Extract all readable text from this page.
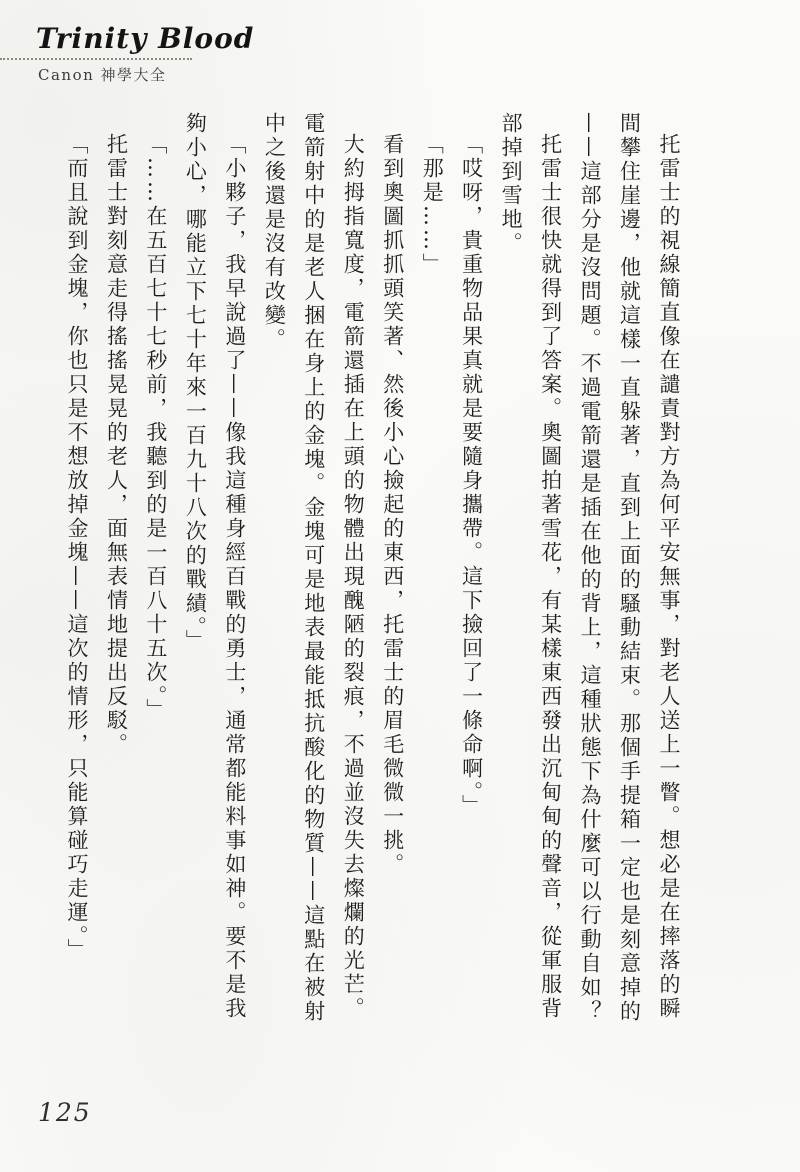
Trinity Blood
Canon 神學大全

托雷士的視線簡直像在譴責對方為何平安無事，對老人送上一瞥。想必是在摔落的瞬間攀住崖邊，他就這樣一直躲著，直到上面的騷動結束。那個手提箱一定也是刻意掉的——這部分是沒問題。不過電箭還是插在他的背上，這種狀態下為什麼可以行動自如？

托雷士很快就得到了答案。奧圖拍著雪花，有某樣東西發出沉甸甸的聲音，從軍服背部掉到雪地。

「哎呀，貴重物品果真就是要隨身攜帶。這下撿回了一條命啊。」

「那是……」

看到奧圖抓抓頭笑著、然後小心撿起的東西，托雷士的眉毛微微一挑。

大約拇指寬度，電箭還插在上頭的物體出現醜陋的裂痕，不過並沒失去燦爛的光芒。

電箭射中的是老人捆在身上的金塊。金塊可是地表最能抵抗酸化的物質——這點在被射中之後還是沒有改變。

「小夥子，我早說過了——像我這種身經百戰的勇士，通常都能料事如神。要不是我夠小心，哪能立下七十年來一百九十八次的戰績。」

「……在五百七十七秒前，我聽到的是一百八十五次。」

托雷士對刻意走得搖搖晃晃的老人，面無表情地提出反駁。

「而且說到金塊，你也只是不想放掉金塊——這次的情形，只能算碰巧走運。」

125
